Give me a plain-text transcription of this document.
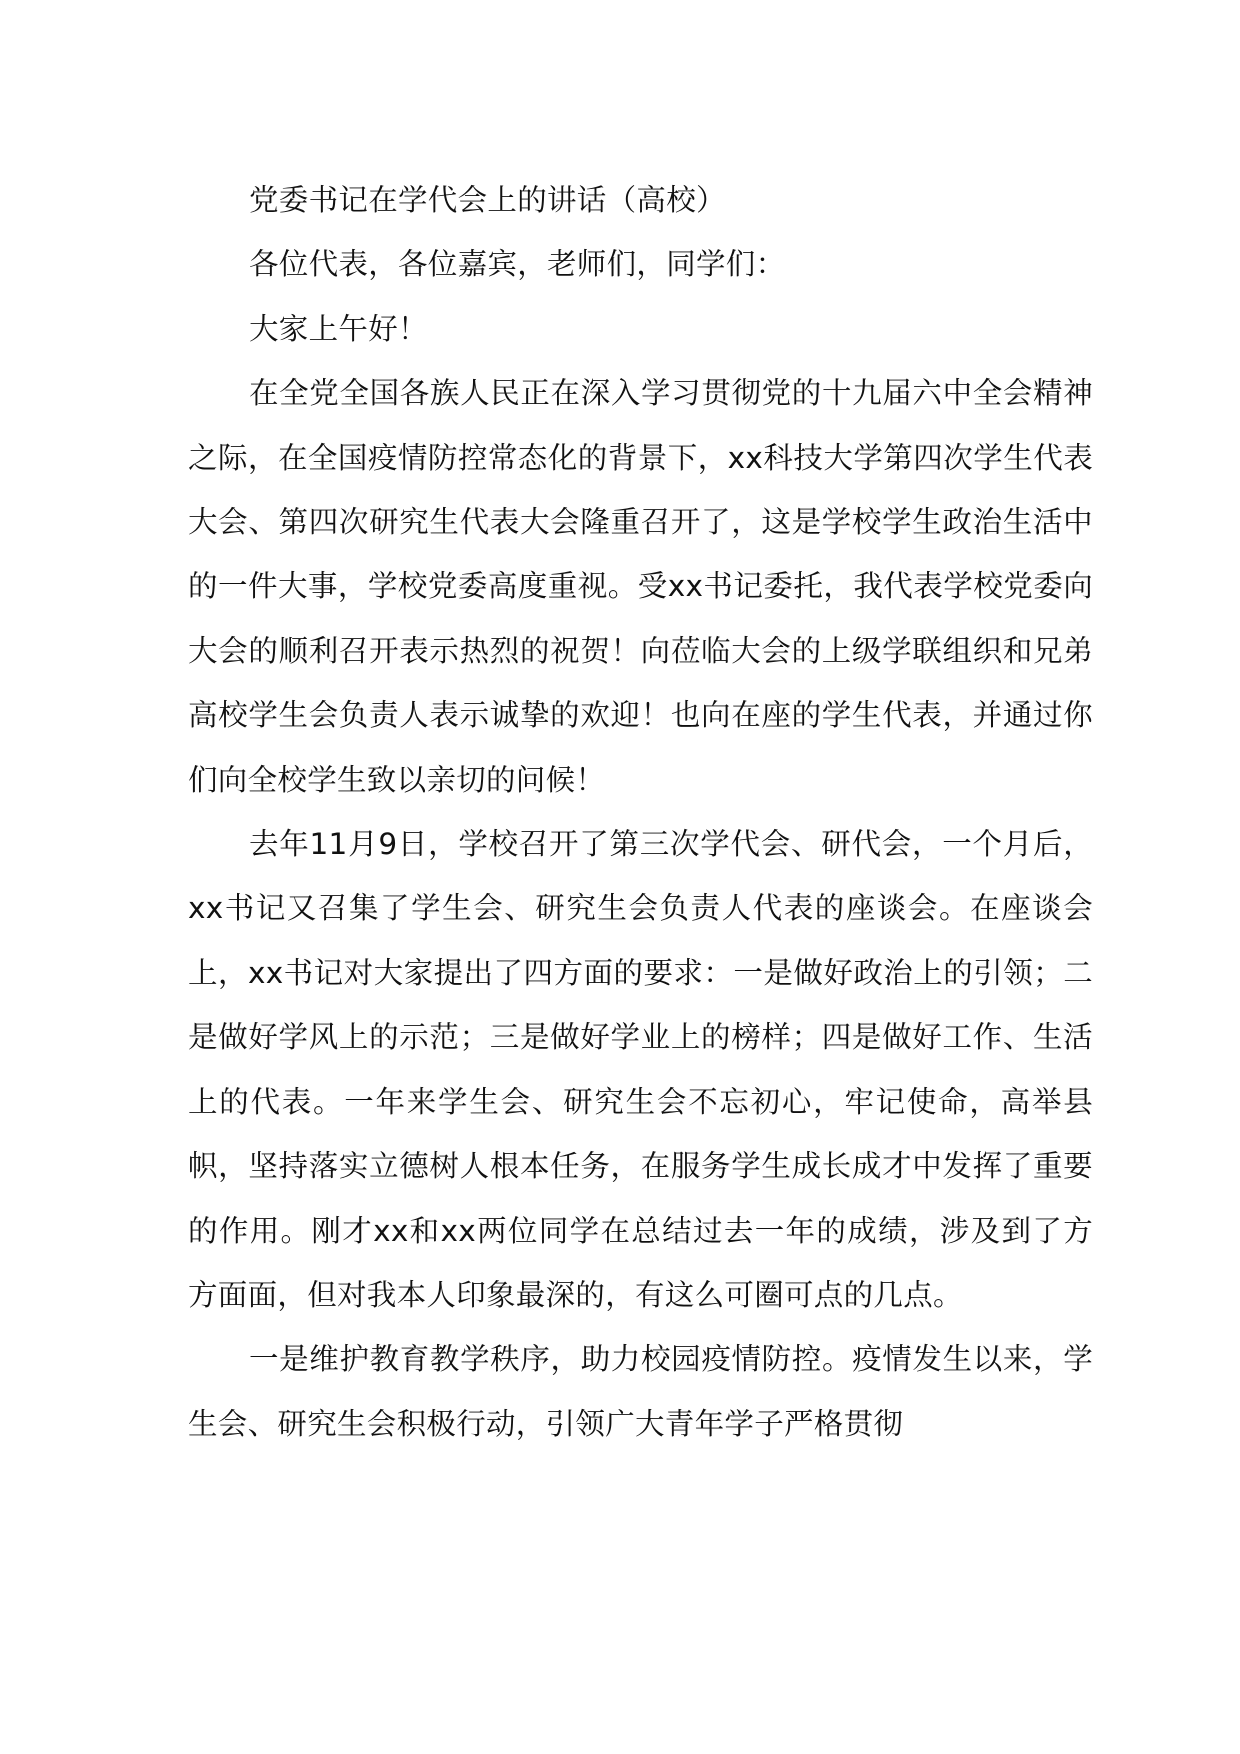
党委书记在学代会上的讲话（高校）

各位代表，各位嘉宾，老师们，同学们：

大家上午好！

在全党全国各族人民正在深入学习贯彻党的十九届六中全会精神之际，在全国疫情防控常态化的背景下，xx科技大学第四次学生代表大会、第四次研究生代表大会隆重召开了，这是学校学生政治生活中的一件大事，学校党委高度重视。受xx书记委托，我代表学校党委向大会的顺利召开表示热烈的祝贺！向莅临大会的上级学联组织和兄弟高校学生会负责人表示诚挚的欢迎！也向在座的学生代表，并通过你们向全校学生致以亲切的问候！

去年11月9日，学校召开了第三次学代会、研代会，一个月后，xx书记又召集了学生会、研究生会负责人代表的座谈会。在座谈会上，xx书记对大家提出了四方面的要求：一是做好政治上的引领；二是做好学风上的示范；三是做好学业上的榜样；四是做好工作、生活上的代表。一年来学生会、研究生会不忘初心，牢记使命，高举县帜，坚持落实立德树人根本任务，在服务学生成长成才中发挥了重要的作用。刚才xx和xx两位同学在总结过去一年的成绩，涉及到了方方面面，但对我本人印象最深的，有这么可圈可点的几点。

一是维护教育教学秩序，助力校园疫情防控。疫情发生以来，学生会、研究生会积极行动，引领广大青年学子严格贯彻
